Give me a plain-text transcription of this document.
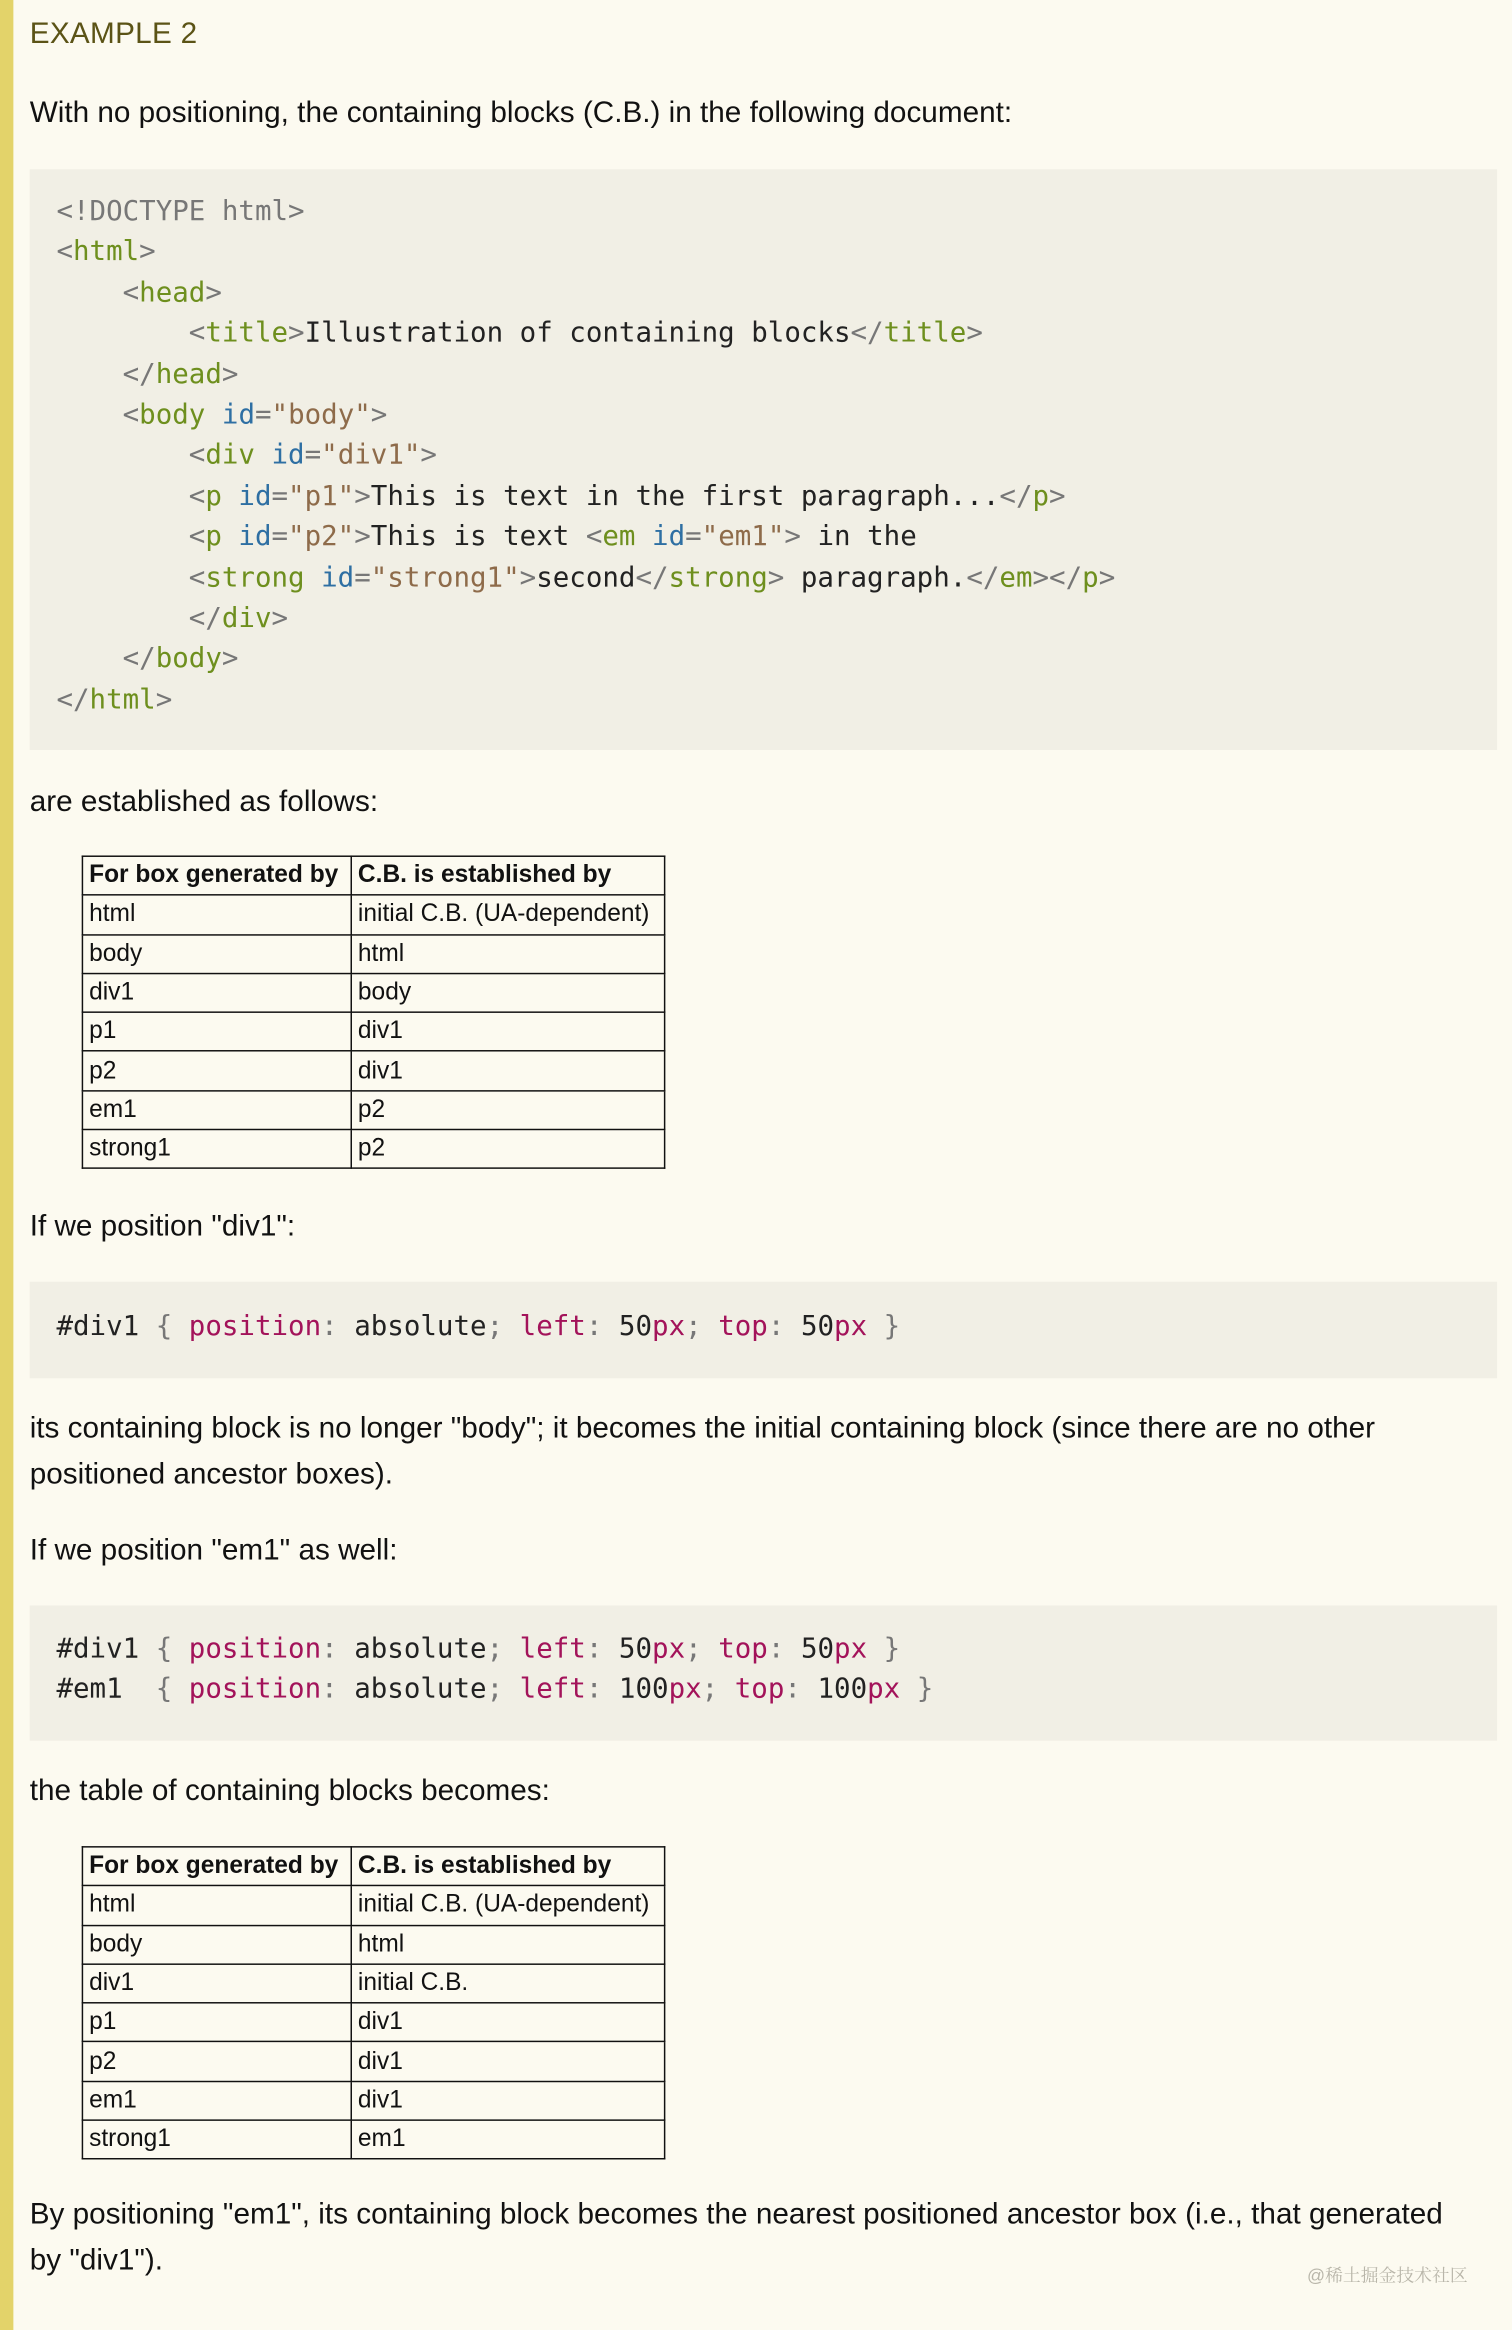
EXAMPLE 2

With no positioning, the containing blocks (C.B.) in the following document:

<!DOCTYPE html>
<html>
<head>
<title>Illustration of containing blocks</title>
</head>
<body id="body">
<div id="div1">
<p id="p1">This is text in the first paragraph...</p>
<p id="p2">This is text <em id="em1"> in the
<strong id="strong1">second</strong> paragraph.</em></p>
</div>
</body>
</html>

are established as follows:

For box generated by	C.B. is established by
html	initial C.B. (UA-dependent)
body	html
div1	body
p1	div1
p2	div1
em1	p2
strong1	p2

If we position "div1":

#div1 { position: absolute; left: 50px; top: 50px }

its containing block is no longer "body"; it becomes the initial containing block (since there are no other positioned ancestor boxes).

If we position "em1" as well:

#div1 { position: absolute; left: 50px; top: 50px }
#em1  { position: absolute; left: 100px; top: 100px }

the table of containing blocks becomes:

For box generated by	C.B. is established by
html	initial C.B. (UA-dependent)
body	html
div1	initial C.B.
p1	div1
p2	div1
em1	div1
strong1	em1

By positioning "em1", its containing block becomes the nearest positioned ancestor box (i.e., that generated by "div1").	@稀土掘金技术社区
